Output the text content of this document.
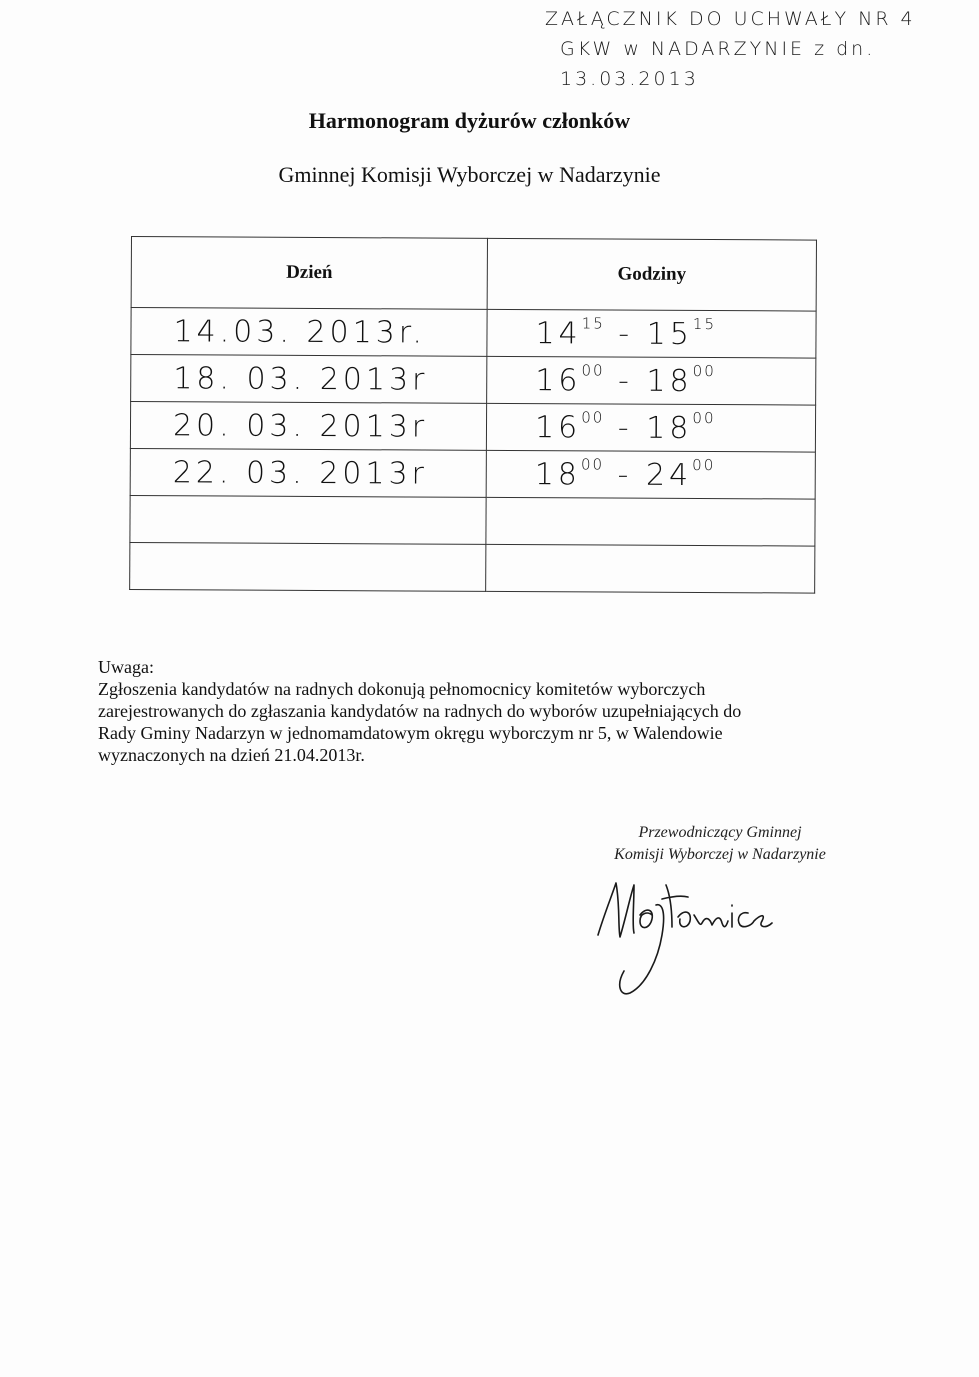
ZAŁĄCZNIK DO UCHWAŁY NR 4
GKW w NADARZYNIE z dn. 13.03.2013
Harmonogram dyżurów członków
Gminnej Komisji Wyborczej w Nadarzynie
Dzień	Godziny
14.03. 2013r.	$14^{15} - 15^{15}$
18. 03. 2013r	$16^{00} - 18^{00}$
20. 03. 2013r	$16^{00} - 18^{00}$
22. 03. 2013r	$18^{00} - 24^{00}$

Uwaga:

Zgłoszenia kandydatów na radnych dokonują pełnomocnicy komitetów wyborczych

zarejestrowanych do zgłaszania kandydatów na radnych do wyborów uzupełniających do

Rady Gminy Nadarzyn w jednomamdatowym okręgu wyborczym nr 5, w Walendowie

wyznaczonych na dzień 21.04.2013r.

Przewodniczący Gminnej
Komisji Wyborczej w Nadarzynie
